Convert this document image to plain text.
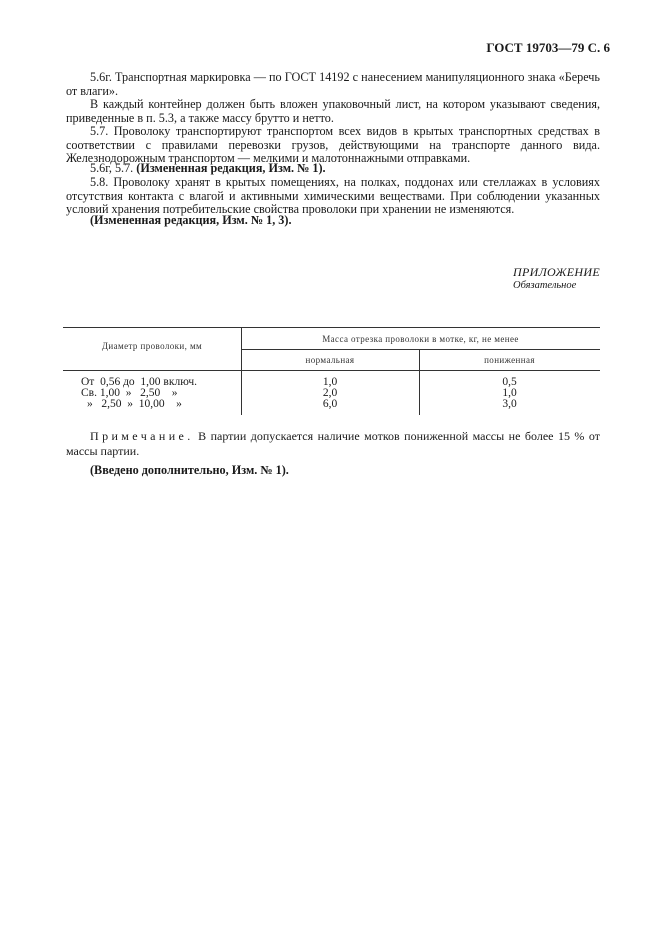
ГОСТ 19703—79 С. 6
5.6г. Транспортная маркировка — по ГОСТ 14192 с нанесением манипуляционного знака «Беречь от влаги».
В каждый контейнер должен быть вложен упаковочный лист, на котором указывают сведения, приведенные в п. 5.3, а также массу брутто и нетто.
5.7. Проволоку транспортируют транспортом всех видов в крытых транспортных средствах в соответствии с правилами перевозки грузов, действующими на транспорте данного вида. Железнодорожным транспортом — мелкими и малотоннажными отправками.
5.6г, 5.7. (Измененная редакция, Изм. № 1).
5.8. Проволоку хранят в крытых помещениях, на полках, поддонах или стеллажах в условиях отсутствия контакта с влагой и активными химическими веществами. При соблюдении указанных условий хранения потребительские свойства проволоки при хранении не изменяются.
(Измененная редакция, Изм. № 1, 3).
ПРИЛОЖЕНИЕ
Обязательное
Диаметр проволоки, мм
Масса отрезка проволоки в мотке, кг, не менее
нормальная	пониженная
От  0,56 до  1,00 включ.	1,0	0,5
Св. 1,00  »   2,50    »	2,0	1,0
»   2,50  »  10,00    »	6,0	3,0
Примечание. В партии допускается наличие мотков пониженной массы не более 15 % от массы партии.
(Введено дополнительно, Изм. № 1).
